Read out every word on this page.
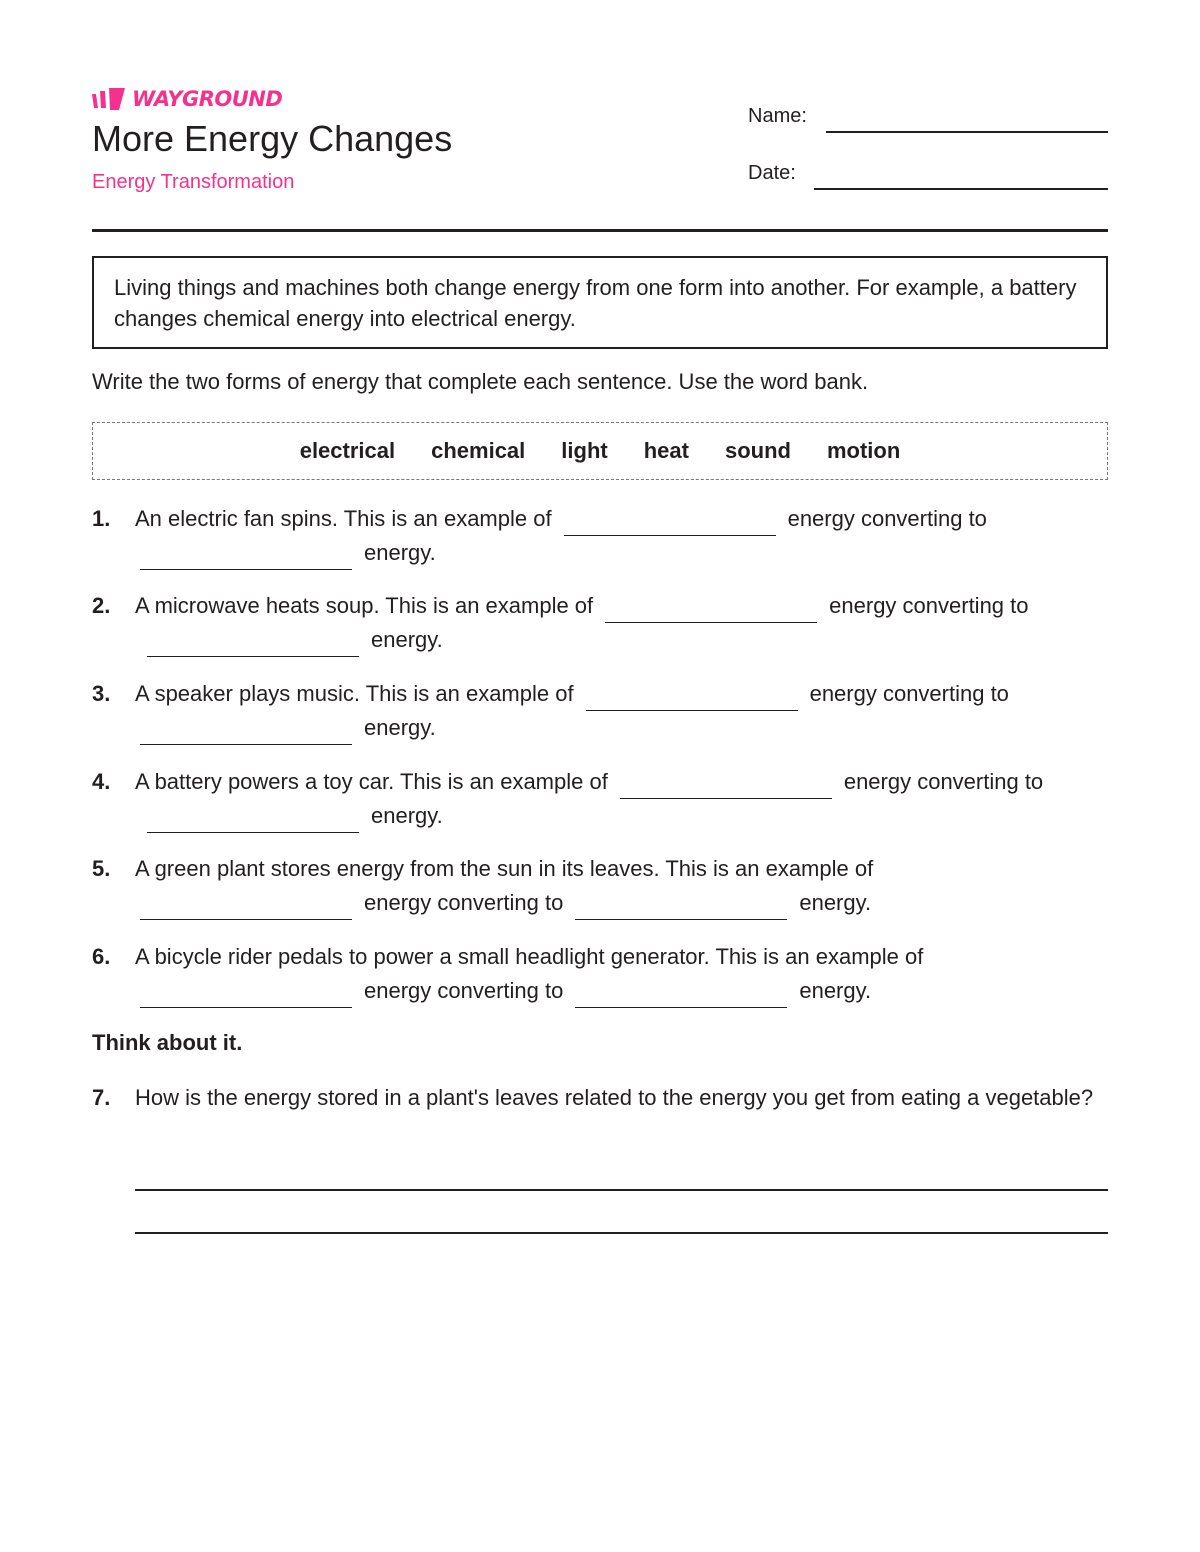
WAYGROUND
More Energy Changes
Energy Transformation
Name:
Date:
Living things and machines both change energy from one form into another. For example, a battery changes chemical energy into electrical energy.
Write the two forms of energy that complete each sentence. Use the word bank.
electrical chemical light heat sound motion
1. An electric fan spins. This is an example of	energy converting to
energy.
2. A microwave heats soup. This is an example of	energy converting toenergy.
3. A speaker plays music. This is an example of	energy converting to
energy.
4. A battery powers a toy car. This is an example of	energy converting toenergy.
5. A green plant stores energy from the sun in its leaves. This is an example of
energy converting to	energy.
6. A bicycle rider pedals to power a small headlight generator. This is an example of
energy converting to	energy.
Think about it.
7. How is the energy stored in a plant's leaves related to the energy you get from eating a vegetable?
